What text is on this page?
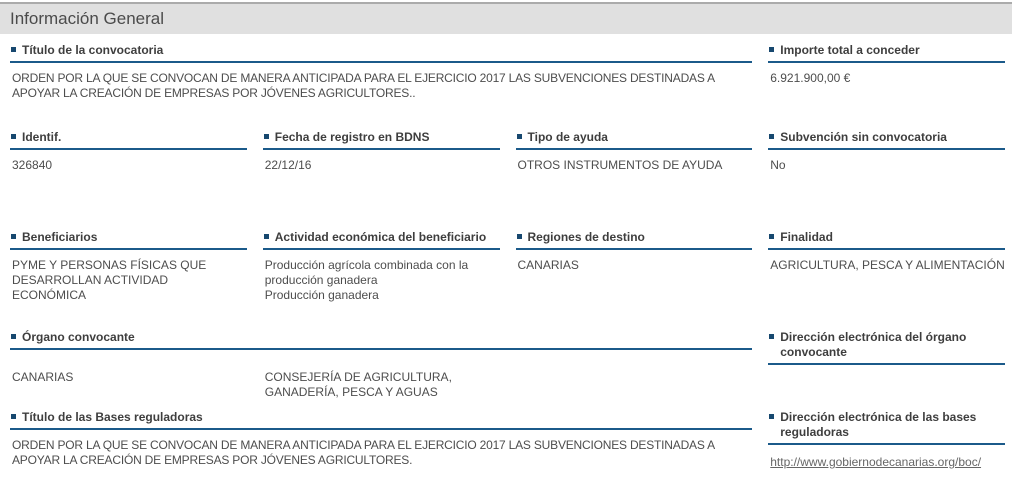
Información General
Título de la convocatoria
ORDEN POR LA QUE SE CONVOCAN DE MANERA ANTICIPADA PARA EL EJERCICIO 2017 LAS SUBVENCIONES DESTINADAS A APOYAR LA CREACIÓN DE EMPRESAS POR JÓVENES AGRICULTORES..
Importe total a conceder
6.921.900,00 €
Identif.
326840
Fecha de registro en BDNS
22/12/16
Tipo de ayuda
OTROS INSTRUMENTOS DE AYUDA
Subvención sin convocatoria
No
Beneficiarios
PYME Y PERSONAS FÍSICAS QUE DESARROLLAN ACTIVIDAD ECONÓMICA
Actividad económica del beneficiario
Producción agrícola combinada con la producción ganadera
Producción ganadera
Regiones de destino
CANARIAS
Finalidad
AGRICULTURA, PESCA Y ALIMENTACIÓN
Órgano convocante
CANARIAS	CONSEJERÍA DE AGRICULTURA, GANADERÍA, PESCA Y AGUAS
Dirección electrónica del órgano convocante
Título de las Bases reguladoras
ORDEN POR LA QUE SE CONVOCAN DE MANERA ANTICIPADA PARA EL EJERCICIO 2017 LAS SUBVENCIONES DESTINADAS A APOYAR LA CREACIÓN DE EMPRESAS POR JÓVENES AGRICULTORES.
Dirección electrónica de las bases reguladoras
http://www.gobiernodecanarias.org/boc/
